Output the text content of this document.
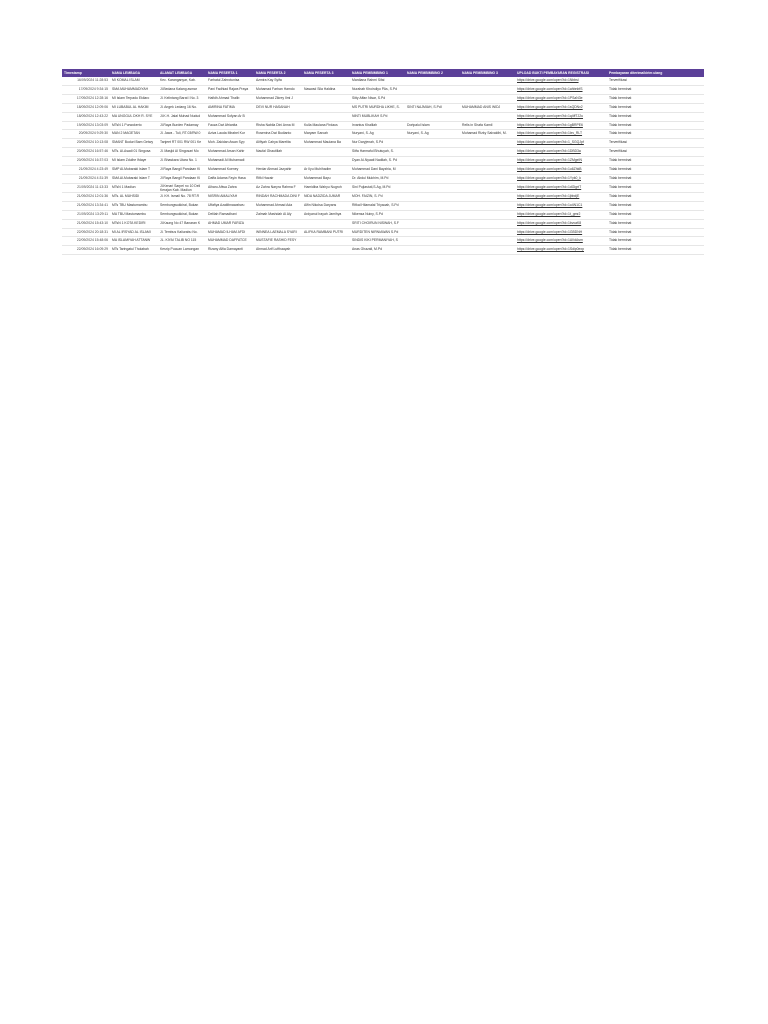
Timestamp	NAMA LEMBAGA	ALAMAT LEMBAGA	NAMA PESERTA 1	NAMA PESERTA 2	NAMA PESERTA 3	NAMA PEMBIMBING 1	NAMA PEMBIMBING 2	NAMA PEMBIMBING 3	UPLOAD BUKTI PEMBAYARAN REGISTRASI	Pembayaran diterima/kirim ulang
16/09/2024 11:28:53	MI KOMAL ISLAM	Kec. Karanganyar, Kab.	Farhatul Zahrotunisa	Azmira Kay Syifa		Mardiana Rahmi Sifai			https://drive.google.com/open?id=1Nbbsl	Terverifikasi
17/09/2024 9:34:15	SMA MUHAMMADIYAH	Jl.Bedana Kalang asmar	Pani Fadhiad Rajwa Praya	Muhamad Farhan Hamdo	Naswad Sila Haldina	Nurahab Khoirullyo PAs, S.Pd			https://drive.google.com/open?id=1ahbnbfS	Tidak berminat
17/09/2024 12:28:16	MI Islam Terpadu Ekilaro	Jl. Kelintang Barat I No. 3	Hafidh Ahmad Thalib	Muhammad Zikrey Ilmi J		Sitty Affan Nisar, S.Pd			https://drive.google.com/open?id=1PSaN3e	Tidak berminat
18/09/2024 12:09:06	MI LUBABUL AL HAKIM	Jl. Angek Ledang 16 No.	AMIRINA FATIMA	DEVI NUR HASANAH		MS PUTRI MURDHA LIKHE, S.	SINTI NAJMIAH, S.PdI	MUHAMMAD ANIS WIDJ	https://drive.google.com/open?id=1sQDNv2	Tidak berminat
18/09/2024 12:43:22	MA UNGGUL DKH R. SYE	Jl.K.H. Jalal Muhad Nudud	Muhammad Sofyan Ar B			NINTI MUBLIKAH S.Pd			https://drive.google.com/open?id=1q4ffTJ2u	Tidak berminat
19/09/2024 13:03:09	MTsN 1 Purwokerto	Jl.Raya Burden Padamay	Fauza Dwi Afrianita	Risha Nabila Dini Anna M	Kulla Maulana Firdaus	Irvantus Khalilah	Dortpalul Islam	Rells in Shafa Kamil	https://drive.google.com/open?id=1gBRPE6	Tidak berminat
20/09/2024 9:29:30	MAN 2 MAGETAN	Jl. Jawa - Tuli, RT.03/RW.0	Aziva Lauda Mirabel Kur	Rosenina Dwi Budianto	Maryam Sarcah	Nuryani, S. Ag	Nuryani, S. Ag	Muhamad Rizky Salvaldhi, M.	https://drive.google.com/open?id=1lxv_RLT	Tidak berminat
20/09/2024 10:13:08	SMANT Buduri Bam Getwy	Tanjeet RT 001 RW 001 Ke	Moh. Zakidan Awan Syp	Alifiyah Cahya Marelita	Muhammad Maulana Ba	Nur Daryjenah, S.Pd			https://drive.google.com/open?id=1_SGQJpf	Terverifikasi
20/09/2024 16:57:46	MTs. Al-Asadi 01 Singosa	Jl. Masjid Al Singosari Mo	Muhammad Arsan Kahir	Naufal Ghautillah		Sitfa Harmaful Bhutuyah, S.			https://drive.google.com/open?id=1DBD3a	Terverifikasi
20/09/2024 16:37:03	MI Islam Zdulhe Ifdaye	Jl. Bhaskara Utara No. 1	Muhamadi Al Muhamadi			Dyan Al-Nyaati Nadilah, S. Pd			https://drive.google.com/open?id=1ZMgeIN	Tidak berminat
21/09/2024 4:23:49	SMP Al-Mubaraki Islam T	Jl Raya Bangil Pandaan Ki	Muhammad Koeney	Herdar Ahmad Jazyahir	Ar Ilyu Muhihadim	Muhammad Dani Bayzhia, M			https://drive.google.com/open?id=1u6ZhkB	Tidak berminat
21/09/2024 4:31:39	SMA Al-Mubaraki Islam T	Jl Raya Bangil Pandaan Ki	Daffa Adama Fayin Hasa	Rifki Hazair	Muhammad Bayu	Dr. Abdul Mukhim, M.Pd			https://drive.google.com/open?id=1Yyk0_k	Tidak berminat
21/09/2024 11:13:33	MTsN 1 Madiun	Jl.Kenari Sarpel no 10 Deli Kerajan Kab. Madiun	Alharu Afiwa Zahra	Az Zahra Naryra Rahma F	Hamidiba Wahyu Nugroh	Sini Pujiastuti,S.Ag, M.Pd			https://drive.google.com/open?id=1dGlgrtT	Tidak berminat
21/09/2024 12:01:36	MTs. AL MUHSIDI	Jl. KH. Ismail No. 78 RT.R	NISRIN AMALIYAH	RINDAH RACHMADA DINI F	NIDA NADZIDA JUMAR	MOH. FAIZIN, S. Pd			https://drive.google.com/open?id=1jbbdjE	Tidak berminat
21/09/2024 13:34:41	MTs TBU Mastumambu	Sembungwukkiral, Bukan	Ulfafiya Azaiiibnawahwu	Muhammad Ahmad Ada	Alfin Nikolsa Daryans	Rifkal Hilamalal Triyaoah, S.Pd			https://drive.google.com/open?id=1o4N1C1	Tidak berminat
21/09/2024 13:29:11	MA TBU Mastumambu	Sembungwukkiral, Bukan	Delilah Ramadhani	Zalmah Mashdah Al Aly	Ardyanul Irayah Jamihya	Nikensa Nuiny, S.Pd			https://drive.google.com/open?id=1t_gmr2	Tidak berminat
21/09/2024 15:43:10	MTsN 1 KOTA KEDIRI	Jl.Kaung No 47 Banaran K	AHMAD UMAR FARIZA			SRITI CHOIRUN NISWAH, S.F			https://drive.google.com/open?id=1bvcaK8	Tidak berminat
22/09/2024 20:18:31	MI AL IRSYAD AL ISLAMI	Jl. Tembus Kaliurabu No.	MUHAMAD ILHAM AFDI	WINNEA LAEMALA SYARI	ALIFKA RAMBANI PUTRI	MURDITEN NIRNIAWAN S.Pd			https://drive.google.com/open?id=1GBDNH	Tidak berminat
22/09/2024 15:48:06	MA ISLAMIYAH ATTANW	JL. KIYAI TALIB NO 115	MUHAMMAD DAFFATCE	MUSTAFIE RASHID FESY		SINDIS KIKI PERMANIYAH, S			https://drive.google.com/open?id=1AVdAsm	Tidak berminat
22/09/2024 16:09:29	MTs Taringatul Tholabah	Kesrip Pucuan Lamongan	Rizany Alfia Damayanti	Ahmad Arif Lufthaayah		Anas Ghazali, M.Pd			https://drive.google.com/open?id=1Sdip0exp	Tidak berminat
